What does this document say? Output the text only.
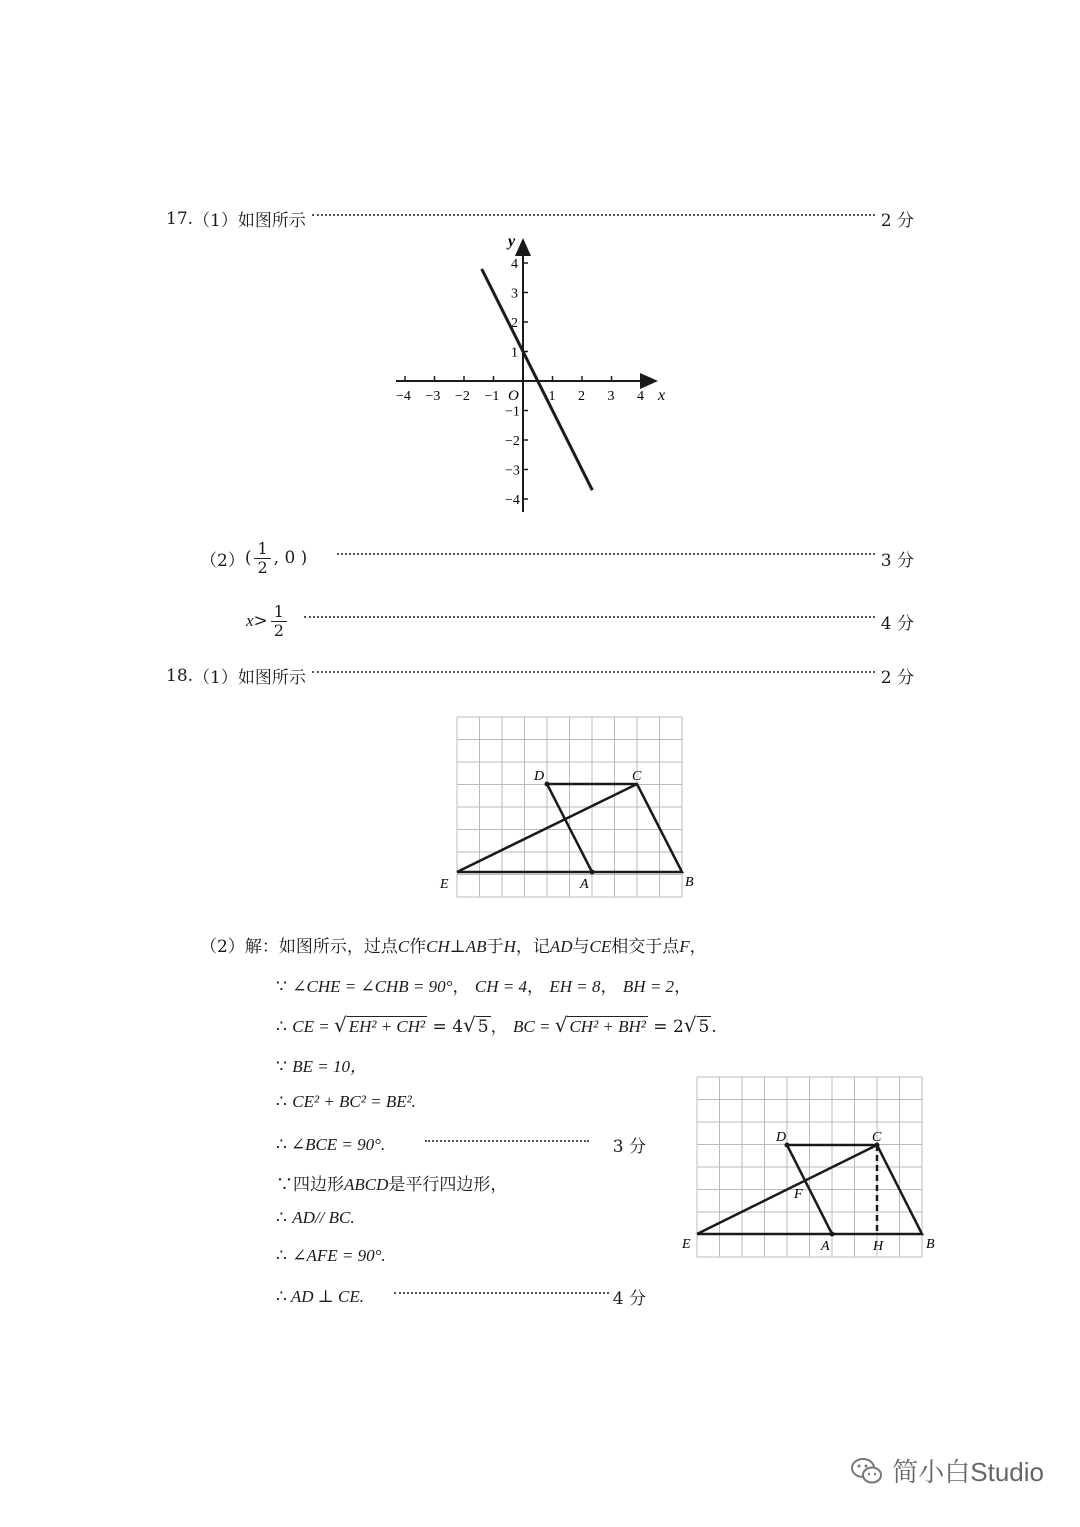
17. （1）如图所示	2 分
−4 −3 −2 −1	1 2 3 4
1
2
3
4
−1
−2
−3
−4
x
y
O
（2） ( $\frac{1}{2}$ , 0 )	3 分
$x > \frac{1}{2}$	4 分
18. （1）如图所示	2 分
D	C
E	A	B
（2）解：如图所示，过点C作CH⊥AB于H，记AD与CE相交于点F，
∵ ∠CHE = ∠CHB = 90°， CH = 4， EH = 8， BH = 2，
∴ CE = √ EH² + CH² = 4√ 5 ， BC = √ CH² + BH² = 2√ 5 .
∵ BE = 10，
∴ CE² + BC² = BE².
∴ ∠BCE = 90°.	3 分
∵四边形ABCD是平行四边形，
∴ AD// BC.
∴ ∠AFE = 90°.
∴ AD ⊥ CE.	4 分
D	C
F
E	A	H	B
简小白Studio
